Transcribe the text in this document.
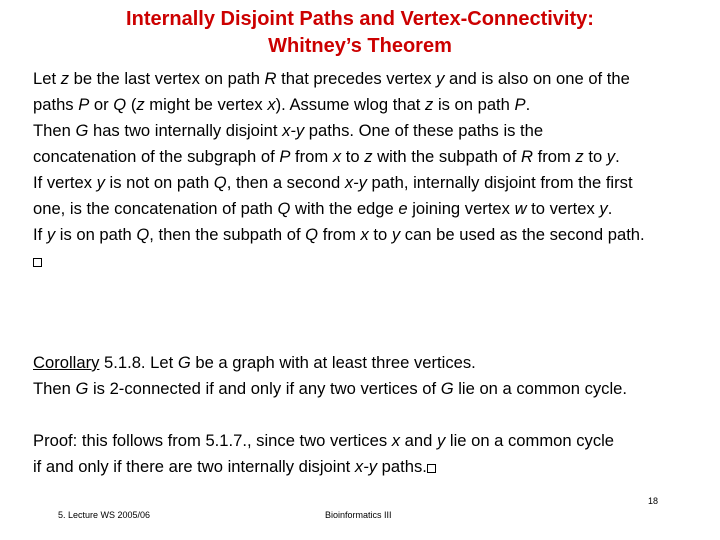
Internally Disjoint Paths and Vertex-Connectivity:
Whitney’s Theorem
Let z be the last vertex on path R that precedes vertex y and is also on one of the
paths P or Q (z might be vertex x). Assume wlog that z is on path P.
Then G has two internally disjoint x-y paths. One of these paths is the
concatenation of the subgraph of P from x to z with the subpath of R from z to y.
If vertex y is not on path Q, then a second x-y path, internally disjoint from the first
one, is the concatenation of path Q with the edge e joining vertex w to vertex y.
If y is on path Q, then the subpath of Q from x to y can be used as the second path.
Corollary 5.1.8. Let G be a graph with at least three vertices.
Then G is 2-connected if and only if any two vertices of G lie on a common cycle.
Proof: this follows from 5.1.7., since two vertices x and y lie on a common cycle
if and only if there are two internally disjoint x-y paths.
5. Lecture WS 2005/06	Bioinformatics III
18
